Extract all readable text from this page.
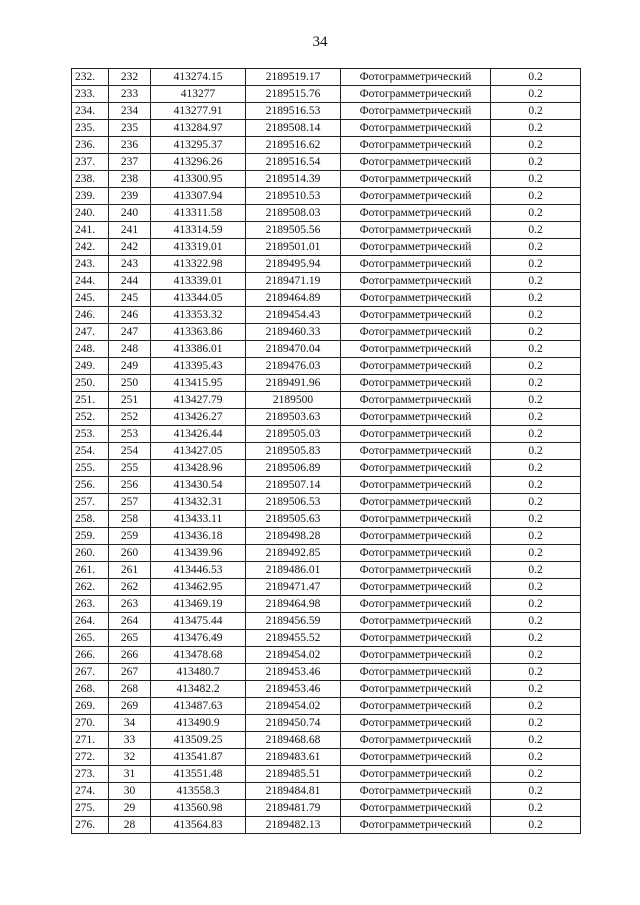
34
232.	232	413274.15	2189519.17	Фотограмметрический	0.2
233.	233	413277	2189515.76	Фотограмметрический	0.2
234.	234	413277.91	2189516.53	Фотограмметрический	0.2
235.	235	413284.97	2189508.14	Фотограмметрический	0.2
236.	236	413295.37	2189516.62	Фотограмметрический	0.2
237.	237	413296.26	2189516.54	Фотограмметрический	0.2
238.	238	413300.95	2189514.39	Фотограмметрический	0.2
239.	239	413307.94	2189510.53	Фотограмметрический	0.2
240.	240	413311.58	2189508.03	Фотограмметрический	0.2
241.	241	413314.59	2189505.56	Фотограмметрический	0.2
242.	242	413319.01	2189501.01	Фотограмметрический	0.2
243.	243	413322.98	2189495.94	Фотограмметрический	0.2
244.	244	413339.01	2189471.19	Фотограмметрический	0.2
245.	245	413344.05	2189464.89	Фотограмметрический	0.2
246.	246	413353.32	2189454.43	Фотограмметрический	0.2
247.	247	413363.86	2189460.33	Фотограмметрический	0.2
248.	248	413386.01	2189470.04	Фотограмметрический	0.2
249.	249	413395.43	2189476.03	Фотограмметрический	0.2
250.	250	413415.95	2189491.96	Фотограмметрический	0.2
251.	251	413427.79	2189500	Фотограмметрический	0.2
252.	252	413426.27	2189503.63	Фотограмметрический	0.2
253.	253	413426.44	2189505.03	Фотограмметрический	0.2
254.	254	413427.05	2189505.83	Фотограмметрический	0.2
255.	255	413428.96	2189506.89	Фотограмметрический	0.2
256.	256	413430.54	2189507.14	Фотограмметрический	0.2
257.	257	413432.31	2189506.53	Фотограмметрический	0.2
258.	258	413433.11	2189505.63	Фотограмметрический	0.2
259.	259	413436.18	2189498.28	Фотограмметрический	0.2
260.	260	413439.96	2189492.85	Фотограмметрический	0.2
261.	261	413446.53	2189486.01	Фотограмметрический	0.2
262.	262	413462.95	2189471.47	Фотограмметрический	0.2
263.	263	413469.19	2189464.98	Фотограмметрический	0.2
264.	264	413475.44	2189456.59	Фотограмметрический	0.2
265.	265	413476.49	2189455.52	Фотограмметрический	0.2
266.	266	413478.68	2189454.02	Фотограмметрический	0.2
267.	267	413480.7	2189453.46	Фотограмметрический	0.2
268.	268	413482.2	2189453.46	Фотограмметрический	0.2
269.	269	413487.63	2189454.02	Фотограмметрический	0.2
270.	34	413490.9	2189450.74	Фотограмметрический	0.2
271.	33	413509.25	2189468.68	Фотограмметрический	0.2
272.	32	413541.87	2189483.61	Фотограмметрический	0.2
273.	31	413551.48	2189485.51	Фотограмметрический	0.2
274.	30	413558.3	2189484.81	Фотограмметрический	0.2
275.	29	413560.98	2189481.79	Фотограмметрический	0.2
276.	28	413564.83	2189482.13	Фотограмметрический	0.2
